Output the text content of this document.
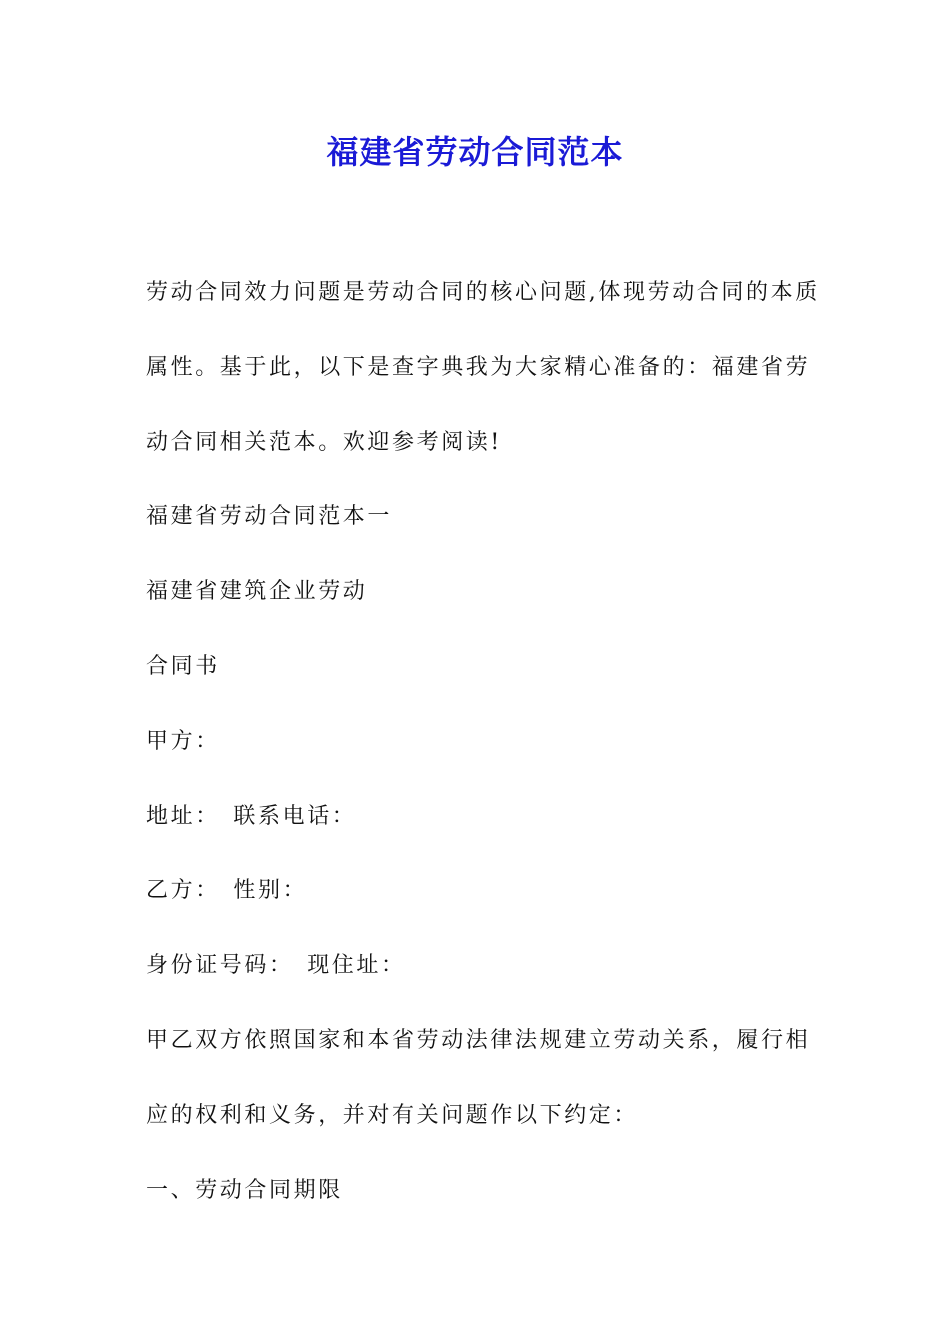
福建省劳动合同范本
劳动合同效力问题是劳动合同的核心问题,体现劳动合同的本质
属性。基于此，以下是查字典我为大家精心准备的：福建省劳
动合同相关范本。欢迎参考阅读!
福建省劳动合同范本一
福建省建筑企业劳动
合同书
甲方：
地址：　联系电话：
乙方：　性别：
身份证号码：　现住址：
甲乙双方依照国家和本省劳动法律法规建立劳动关系，履行相
应的权利和义务，并对有关问题作以下约定：
一、劳动合同期限
